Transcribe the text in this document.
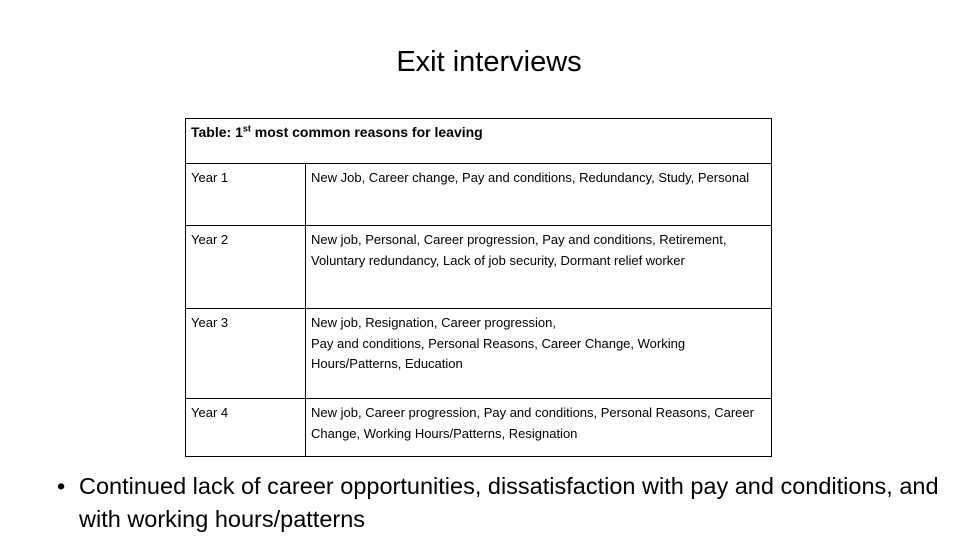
Exit interviews
Table: 1st most common reasons for leaving	
Year 1	New Job, Career change, Pay and conditions, Redundancy, Study, Personal
Year 2	New job, Personal, Career progression, Pay and conditions, Retirement, Voluntary redundancy, Lack of job security, Dormant relief worker
Year 3	New job, Resignation, Career progression,
Pay and conditions, Personal Reasons, Career Change, Working Hours/Patterns, Education
Year 4	New job, Career progression, Pay and conditions, Personal Reasons, Career Change, Working Hours/Patterns, Resignation
• Continued lack of career opportunities, dissatisfaction with pay and conditions, and with working hours/patterns
